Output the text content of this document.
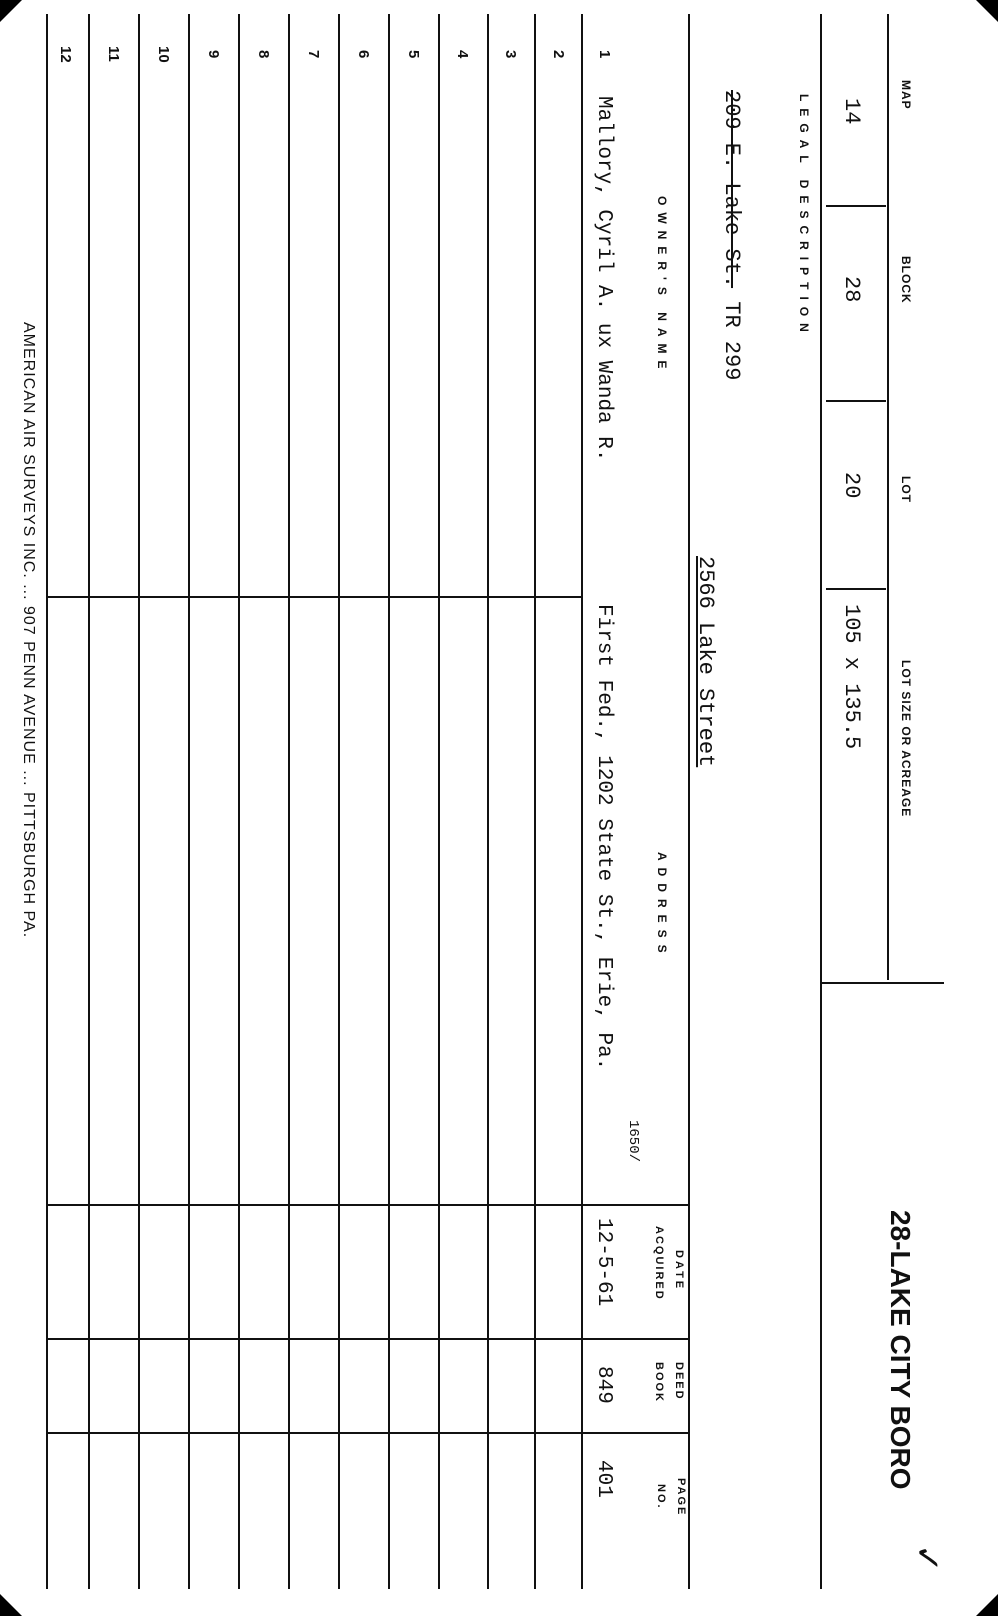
28-LAKE CITY BORO
✓
MAP
BLOCK
LOT
LOT SIZE OR ACREAGE
14
28
20
105 x 135.5
LEGAL DESCRIPTION
209 E. Lake St. TR 299
2566 Lake Street
OWNER'S NAME
ADDRESS
DATE
ACQUIRED
DEED
BOOK
PAGE
NO.
1
2
3
4
5
6
7
8
9
10
11
12
Mallory, Cyril A. ux Wanda R.
First Fed., 1202 State St., Erie, Pa.
1650/
12-5-61
849
401
AMERICAN AIR SURVEYS INC. ... 907 PENN AVENUE ... PITTSBURGH PA.
